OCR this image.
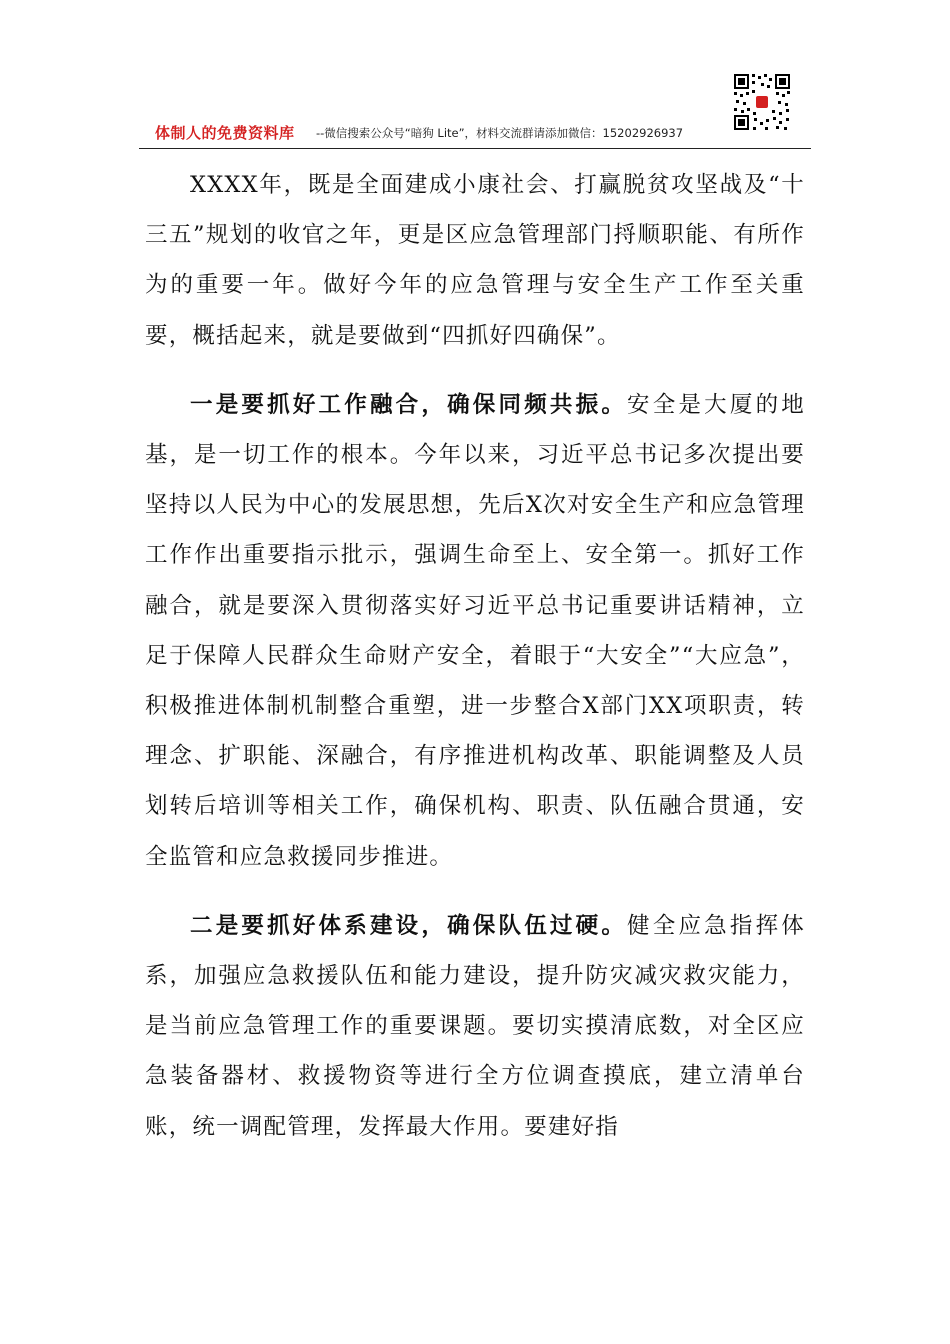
体制人的免费资料库 --微信搜索公众号“暗狗 Lite”，材料交流群请添加微信：15202926937

XXXX年，既是全面建成小康社会、打赢脱贫攻坚战及“十三五”规划的收官之年，更是区应急管理部门捋顺职能、有所作为的重要一年。做好今年的应急管理与安全生产工作至关重要，概括起来，就是要做到“四抓好四确保”。

一是要抓好工作融合，确保同频共振。安全是大厦的地基，是一切工作的根本。今年以来，习近平总书记多次提出要坚持以人民为中心的发展思想，先后X次对安全生产和应急管理工作作出重要指示批示，强调生命至上、安全第一。抓好工作融合，就是要深入贯彻落实好习近平总书记重要讲话精神，立足于保障人民群众生命财产安全，着眼于“大安全”“大应急”，积极推进体制机制整合重塑，进一步整合X部门XX项职责，转理念、扩职能、深融合，有序推进机构改革、职能调整及人员划转后培训等相关工作，确保机构、职责、队伍融合贯通，安全监管和应急救援同步推进。

二是要抓好体系建设，确保队伍过硬。健全应急指挥体系，加强应急救援队伍和能力建设，提升防灾减灾救灾能力，是当前应急管理工作的重要课题。要切实摸清底数，对全区应急装备器材、救援物资等进行全方位调查摸底，建立清单台账，统一调配管理，发挥最大作用。要建好指
